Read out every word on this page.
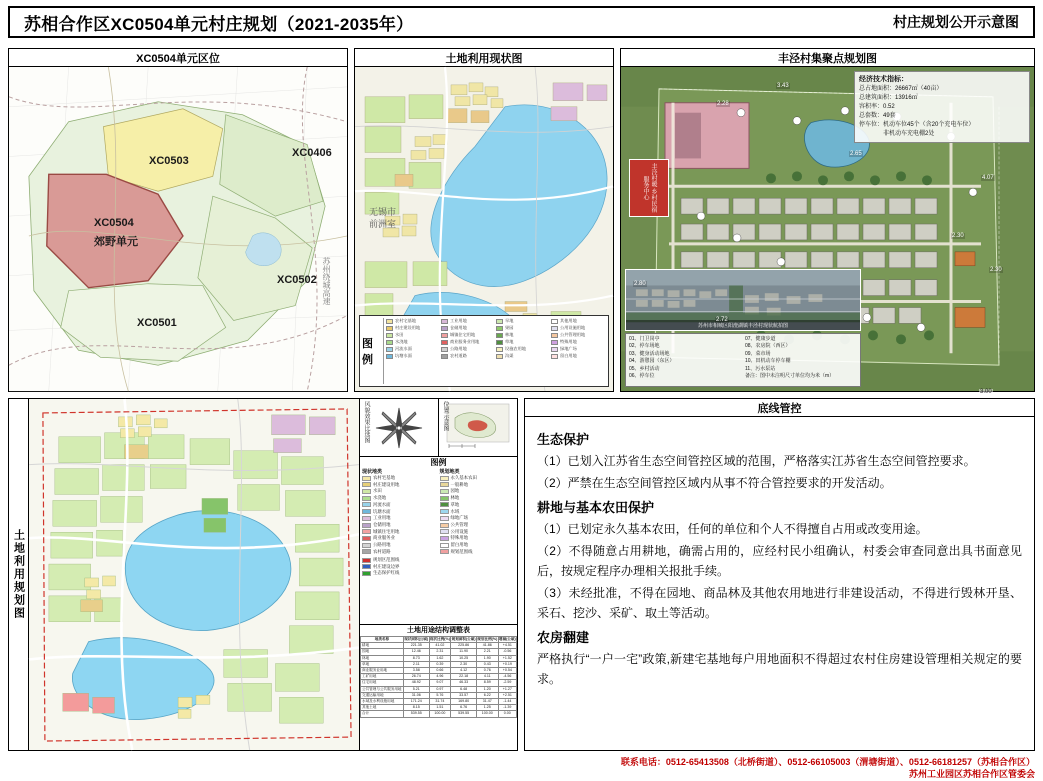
苏相合作区XC0504单元村庄规划（2021-2035年）	村庄规划公开示意图
XC0504单元区位
XC0503
XC0406
XC0504
郊野单元
XC0502
XC0501
苏州绕城高速
土地利用现状图
无锡市
前洲室
图例
农村宅基地
村庄建设用地
水田
水浇地
河流水面
坑塘水面
工业用地
仓储用地
城镇住宅用地
商业服务业用地
公路用地
农村道路
旱地
果园
林地
草地
设施农用地
沟渠
其他用地
公用设施用地
公共管理用地
特殊用地
绿地广场
留白用地
丰泾村集聚点规划图
丰泾村暖 乡村民宿 服务中心
经济技术指标：
总占地面积：26667㎡（40亩）
总建筑面积：13916㎡
容积率：0.52
总套数：49套
停车位：机动车位45个（含20个充电车位）
　　　　非机动车充电棚2处
苏州市相城区阳澄湖镇丰泾村现状航拍图
01、门卫岗亭
02、停车场地
03、健身活动场地
04、游憩园（东区）
05、乡村活动
06、停车位
07、健康步道
08、农房院（西区）
09、菜市场
10、田机动车停车棚
11、污水泵站
备注：图中未注明尺寸单位均为米（m）
3.43
2.28
2.65
4.07
2.30
2.30
2.80
2.72
3.00
土地利用规划图
风貌效果比选图	位置示意图
图例
现状地类	规划地类
农村宅基地
村庄建设用地
水田
水浇地
河流水面
坑塘水面
工业用地
仓储用地
城镇住宅用地
商业服务业
公路用地
农村道路
永久基本农田
一般耕地
园地
林地
草地
水域
绿地广场
公共管理
公用设施
特殊用地
留白用地
规划范围线
规划区范围线
村庄建设边界
生态保护红线
土地用途结构调整表
地类名称	现状面积(公顷)	现状比例(%)	规划面积(公顷)	规划比例(%)	增减(公顷)
耕地	221.35	41.02	225.86	41.86	+4.51
园地	12.46	2.31	11.90	2.21	-0.56
林地	8.73	1.62	10.25	1.90	+1.52
草地	2.11	0.39	2.30	0.43	+0.19
商业服务业用地	3.58	0.66	4.12	0.76	+0.54
工矿用地	26.74	4.96	22.18	4.11	-4.56
住宅用地	48.92	9.07	46.33	8.59	-2.59
公共管理与公共服务用地	5.21	0.97	6.48	1.20	+1.27
交通运输用地	31.06	5.76	33.57	6.22	+2.51
水域及水利设施用地	171.24	31.74	169.80	31.47	-1.44
其他土地	8.15	1.51	6.76	1.25	-1.39
合计	539.55	100.00	539.55	100.00	0.00
底线管控
生态保护
（1）已划入江苏省生态空间管控区域的范围，严格落实江苏省生态空间管控要求。
（2）严禁在生态空间管控区域内从事不符合管控要求的开发活动。
耕地与基本农田保护
（1）已划定永久基本农田，任何的单位和个人不得擅自占用或改变用途。
（2）不得随意占用耕地，确需占用的，应经村民小组确认，村委会审查同意出具书面意见后，按规定程序办理相关报批手续。
（3）未经批准，不得在园地、商品林及其他农用地进行非建设活动，不得进行毁林开垦、采石、挖沙、采矿、取土等活动。
农房翻建
严格执行“一户一宅”政策,新建宅基地每户用地面积不得超过农村住房建设管理相关规定的要求。
联系电话：0512-65413508（北桥街道）、0512-66105003（渭塘街道）、0512-66181257（苏相合作区）
苏州工业园区苏相合作区管委会
